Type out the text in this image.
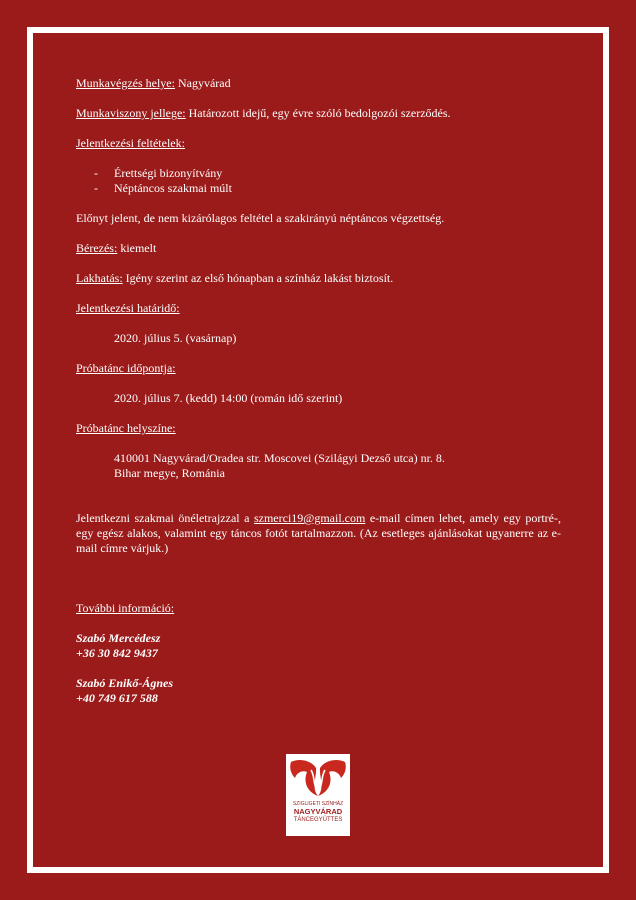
Munkavégzés helye: Nagyvárad

Munkaviszony jellege: Határozott idejű, egy évre szóló bedolgozói szerződés.

Jelentkezési feltételek:

- Érettségi bizonyítvány
- Néptáncos szakmai múlt

Előnyt jelent, de nem kizárólagos feltétel a szakirányú néptáncos végzettség.

Bérezés: kiemelt

Lakhatás: Igény szerint az első hónapban a színház lakást biztosít.

Jelentkezési határidő:

2020. július 5. (vasárnap)

Próbatánc időpontja:

2020. július 7. (kedd) 14:00 (román idő szerint)

Próbatánc helyszíne:

410001 Nagyvárad/Oradea str. Moscovei (Szilágyi Dezső utca) nr. 8.
Bihar megye, Románia

Jelentkezni szakmai önéletrajzzal a szmerci19@gmail.com e-mail címen lehet, amely egy portré-, egy egész alakos, valamint egy táncos fotót tartalmazzon. (Az esetleges ajánlásokat ugyanerre az e-mail címre várjuk.)

További információ:

Szabó Mercédesz
+36 30 842 9437

Szabó Enikő-Ágnes
+40 749 617 588

SZIGLIGETI SZÍNHÁZ
NAGYVÁRAD
TÁNCEGYÜTTES
